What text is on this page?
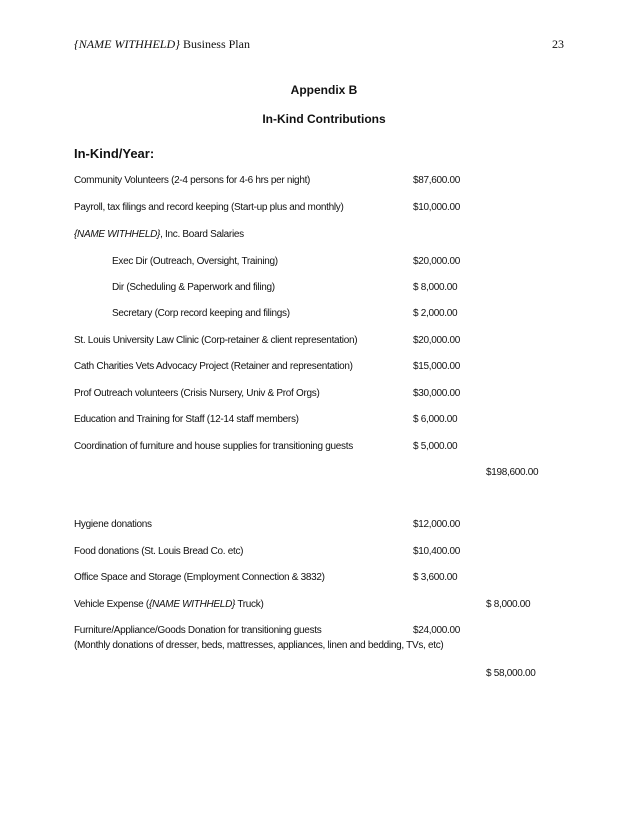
{NAME WITHHELD} Business Plan	23
Appendix B
In-Kind Contributions
In-Kind/Year:
Community Volunteers (2-4 persons for 4-6 hrs per night)	$87,600.00
Payroll, tax filings and record keeping (Start-up plus and monthly)	$10,000.00
{NAME WITHHELD}, Inc. Board Salaries
Exec Dir (Outreach, Oversight, Training)	$20,000.00
Dir (Scheduling & Paperwork and filing)	$ 8,000.00
Secretary (Corp record keeping and filings)	$ 2,000.00
St. Louis University Law Clinic (Corp-retainer & client representation)	$20,000.00
Cath Charities Vets Advocacy Project (Retainer and representation)	$15,000.00
Prof Outreach volunteers (Crisis Nursery, Univ & Prof Orgs)	$30,000.00
Education and Training for Staff (12-14 staff members)	$ 6,000.00
Coordination of furniture and house supplies for transitioning guests	$ 5,000.00
$198,600.00
Hygiene donations	$12,000.00
Food donations (St. Louis Bread Co. etc)	$10,400.00
Office Space and Storage (Employment Connection & 3832)	$ 3,600.00
Vehicle Expense ({NAME WITHHELD} Truck)	$ 8,000.00
Furniture/Appliance/Goods Donation for transitioning guests	$24,000.00
(Monthly donations of dresser, beds, mattresses, appliances, linen and bedding, TVs, etc)
$ 58,000.00
